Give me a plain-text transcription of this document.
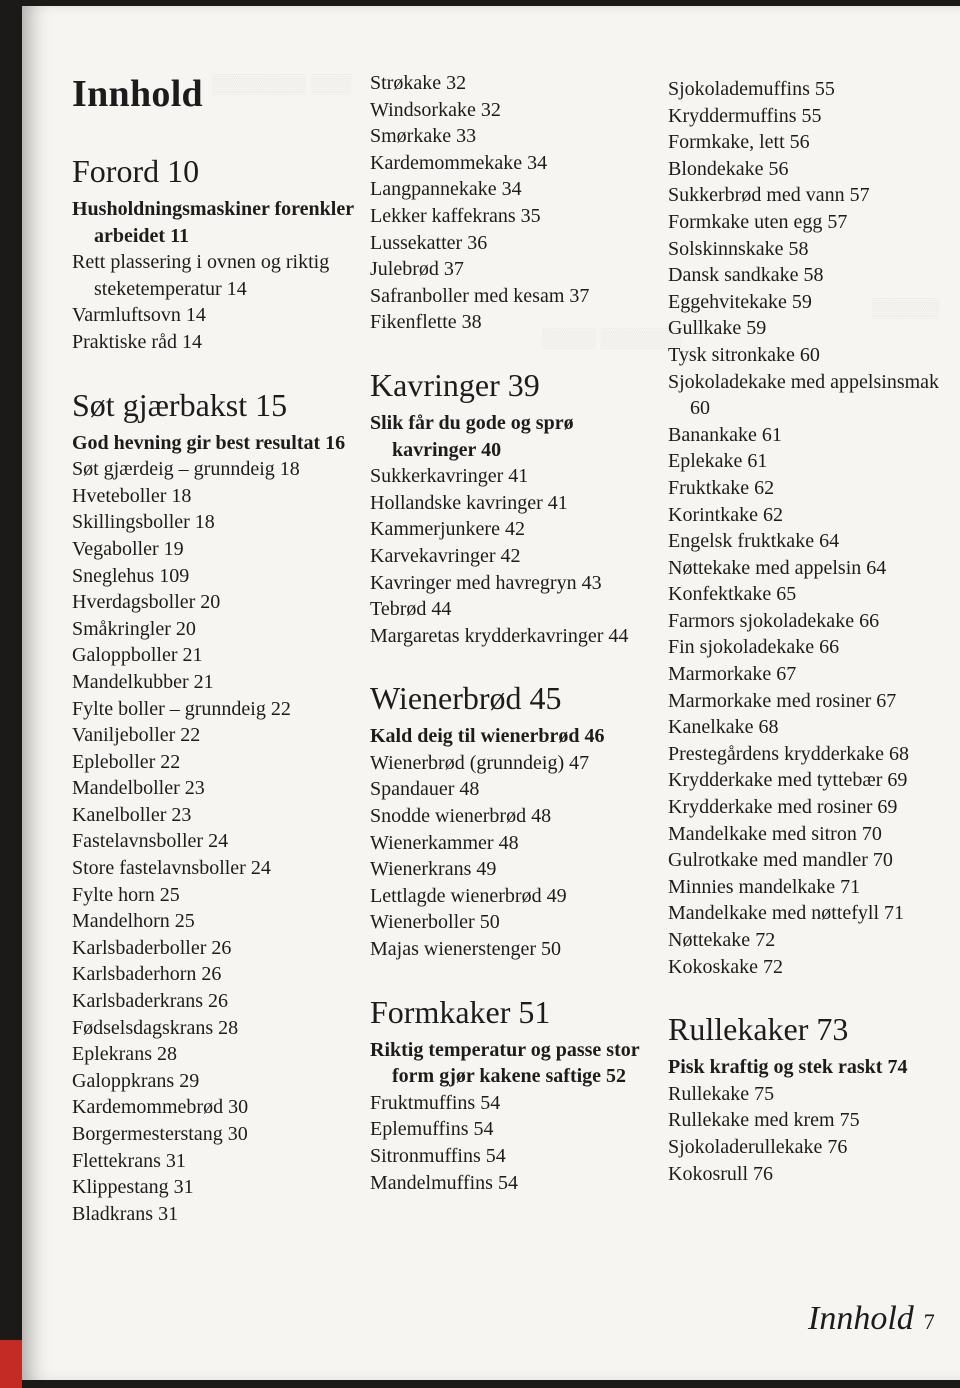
▒▒▒▒▒▒▒ ▒▒▒
▒▒▒▒ ▒▒▒▒▒▒
▒▒▒▒▒
Innhold
Forord 10
Husholdningsmaskiner forenkler arbeidet 11
Rett plassering i ovnen og riktig steketemperatur 14
Varmluftsovn 14
Praktiske råd 14
Søt gjærbakst 15
God hevning gir best resultat 16
Søt gjærdeig – grunndeig 18
Hveteboller 18
Skillingsboller 18
Vegaboller 19
Sneglehus 109
Hverdagsboller 20
Småkringler 20
Galoppboller 21
Mandelkubber 21
Fylte boller – grunndeig 22
Vaniljeboller 22
Epleboller 22
Mandelboller 23
Kanelboller 23
Fastelavnsboller 24
Store fastelavnsboller 24
Fylte horn 25
Mandelhorn 25
Karlsbaderboller 26
Karlsbaderhorn 26
Karlsbaderkrans 26
Fødselsdagskrans 28
Eplekrans 28
Galoppkrans 29
Kardemommebrød 30
Borgermesterstang 30
Flettekrans 31
Klippestang 31
Bladkrans 31
Strøkake 32
Windsorkake 32
Smørkake 33
Kardemommekake 34
Langpannekake 34
Lekker kaffekrans 35
Lussekatter 36
Julebrød 37
Safranboller med kesam 37
Fikenflette 38
Kavringer 39
Slik får du gode og sprø kavringer 40
Sukkerkavringer 41
Hollandske kavringer 41
Kammerjunkere 42
Karvekavringer 42
Kavringer med havregryn 43
Tebrød 44
Margaretas krydderkavringer 44
Wienerbrød 45
Kald deig til wienerbrød 46
Wienerbrød (grunndeig) 47
Spandauer 48
Snodde wienerbrød 48
Wienerkammer 48
Wienerkrans 49
Lettlagde wienerbrød 49
Wienerboller 50
Majas wienerstenger 50
Formkaker 51
Riktig temperatur og passe stor form gjør kakene saftige 52
Fruktmuffins 54
Eplemuffins 54
Sitronmuffins 54
Mandelmuffins 54
Sjokolademuffins 55
Kryddermuffins 55
Formkake, lett 56
Blondekake 56
Sukkerbrød med vann 57
Formkake uten egg 57
Solskinnskake 58
Dansk sandkake 58
Eggehvitekake 59
Gullkake 59
Tysk sitronkake 60
Sjokoladekake med appelsinsmak 60
Banankake 61
Eplekake 61
Fruktkake 62
Korintkake 62
Engelsk fruktkake 64
Nøttekake med appelsin 64
Konfektkake 65
Farmors sjokoladekake 66
Fin sjokoladekake 66
Marmorkake 67
Marmorkake med rosiner 67
Kanelkake 68
Prestegårdens krydderkake 68
Krydderkake med tyttebær 69
Krydderkake med rosiner 69
Mandelkake med sitron 70
Gulrotkake med mandler 70
Minnies mandelkake 71
Mandelkake med nøttefyll 71
Nøttekake 72
Kokoskake 72
Rullekaker 73
Pisk kraftig og stek raskt 74
Rullekake 75
Rullekake med krem 75
Sjokoladerullekake 76
Kokosrull 76
Innhold 7
